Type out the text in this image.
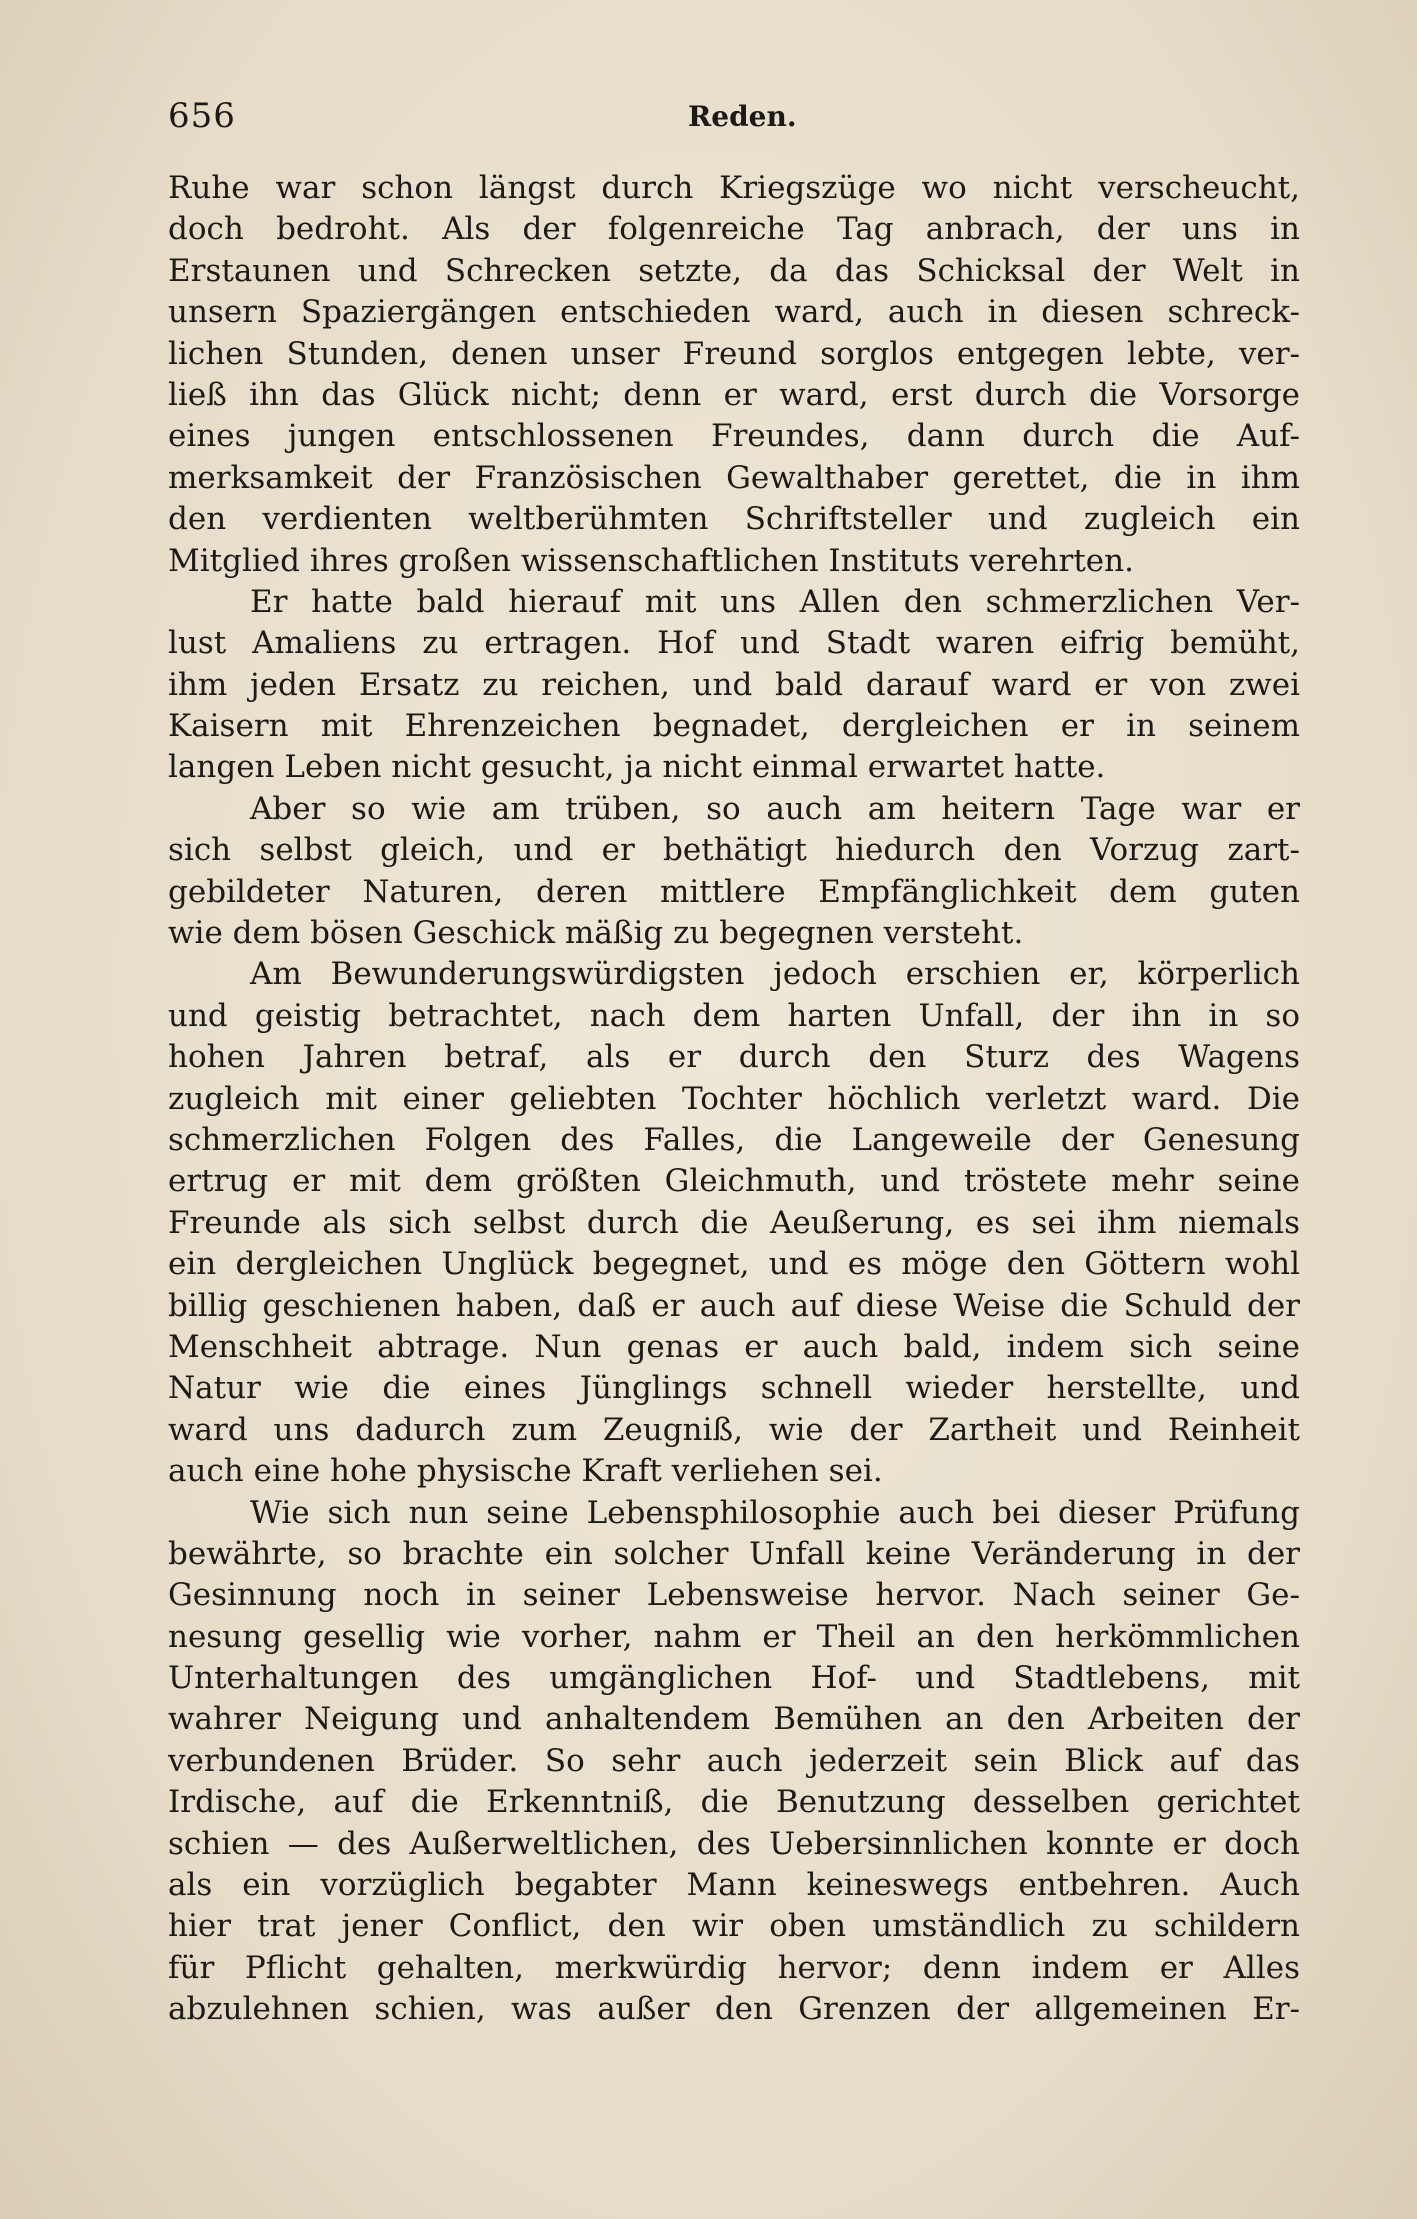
656	Reden.
Ruhe war schon längst durch Kriegszüge wo nicht verscheucht,
doch bedroht. Als der folgenreiche Tag anbrach, der uns in
Erstaunen und Schrecken setzte, da das Schicksal der Welt in
unsern Spaziergängen entschieden ward, auch in diesen schreck-
lichen Stunden, denen unser Freund sorglos entgegen lebte, ver-
ließ ihn das Glück nicht; denn er ward, erst durch die Vorsorge
eines jungen entschlossenen Freundes, dann durch die Auf-
merksamkeit der Französischen Gewalthaber gerettet, die in ihm
den verdienten weltberühmten Schriftsteller und zugleich ein
Mitglied ihres großen wissenschaftlichen Instituts verehrten.
Er hatte bald hierauf mit uns Allen den schmerzlichen Ver-
lust Amaliens zu ertragen. Hof und Stadt waren eifrig bemüht,
ihm jeden Ersatz zu reichen, und bald darauf ward er von zwei
Kaisern mit Ehrenzeichen begnadet, dergleichen er in seinem
langen Leben nicht gesucht, ja nicht einmal erwartet hatte.
Aber so wie am trüben, so auch am heitern Tage war er
sich selbst gleich, und er bethätigt hiedurch den Vorzug zart-
gebildeter Naturen, deren mittlere Empfänglichkeit dem guten
wie dem bösen Geschick mäßig zu begegnen versteht.
Am Bewunderungswürdigsten jedoch erschien er, körperlich
und geistig betrachtet, nach dem harten Unfall, der ihn in so
hohen Jahren betraf, als er durch den Sturz des Wagens
zugleich mit einer geliebten Tochter höchlich verletzt ward. Die
schmerzlichen Folgen des Falles, die Langeweile der Genesung
ertrug er mit dem größten Gleichmuth, und tröstete mehr seine
Freunde als sich selbst durch die Aeußerung, es sei ihm niemals
ein dergleichen Unglück begegnet, und es möge den Göttern wohl
billig geschienen haben, daß er auch auf diese Weise die Schuld der
Menschheit abtrage. Nun genas er auch bald, indem sich seine
Natur wie die eines Jünglings schnell wieder herstellte, und
ward uns dadurch zum Zeugniß, wie der Zartheit und Reinheit
auch eine hohe physische Kraft verliehen sei.
Wie sich nun seine Lebensphilosophie auch bei dieser Prüfung
bewährte, so brachte ein solcher Unfall keine Veränderung in der
Gesinnung noch in seiner Lebensweise hervor. Nach seiner Ge-
nesung gesellig wie vorher, nahm er Theil an den herkömmlichen
Unterhaltungen des umgänglichen Hof- und Stadtlebens, mit
wahrer Neigung und anhaltendem Bemühen an den Arbeiten der
verbundenen Brüder. So sehr auch jederzeit sein Blick auf das
Irdische, auf die Erkenntniß, die Benutzung desselben gerichtet
schien — des Außerweltlichen, des Uebersinnlichen konnte er doch
als ein vorzüglich begabter Mann keineswegs entbehren. Auch
hier trat jener Conflict, den wir oben umständlich zu schildern
für Pflicht gehalten, merkwürdig hervor; denn indem er Alles
abzulehnen schien, was außer den Grenzen der allgemeinen Er-
